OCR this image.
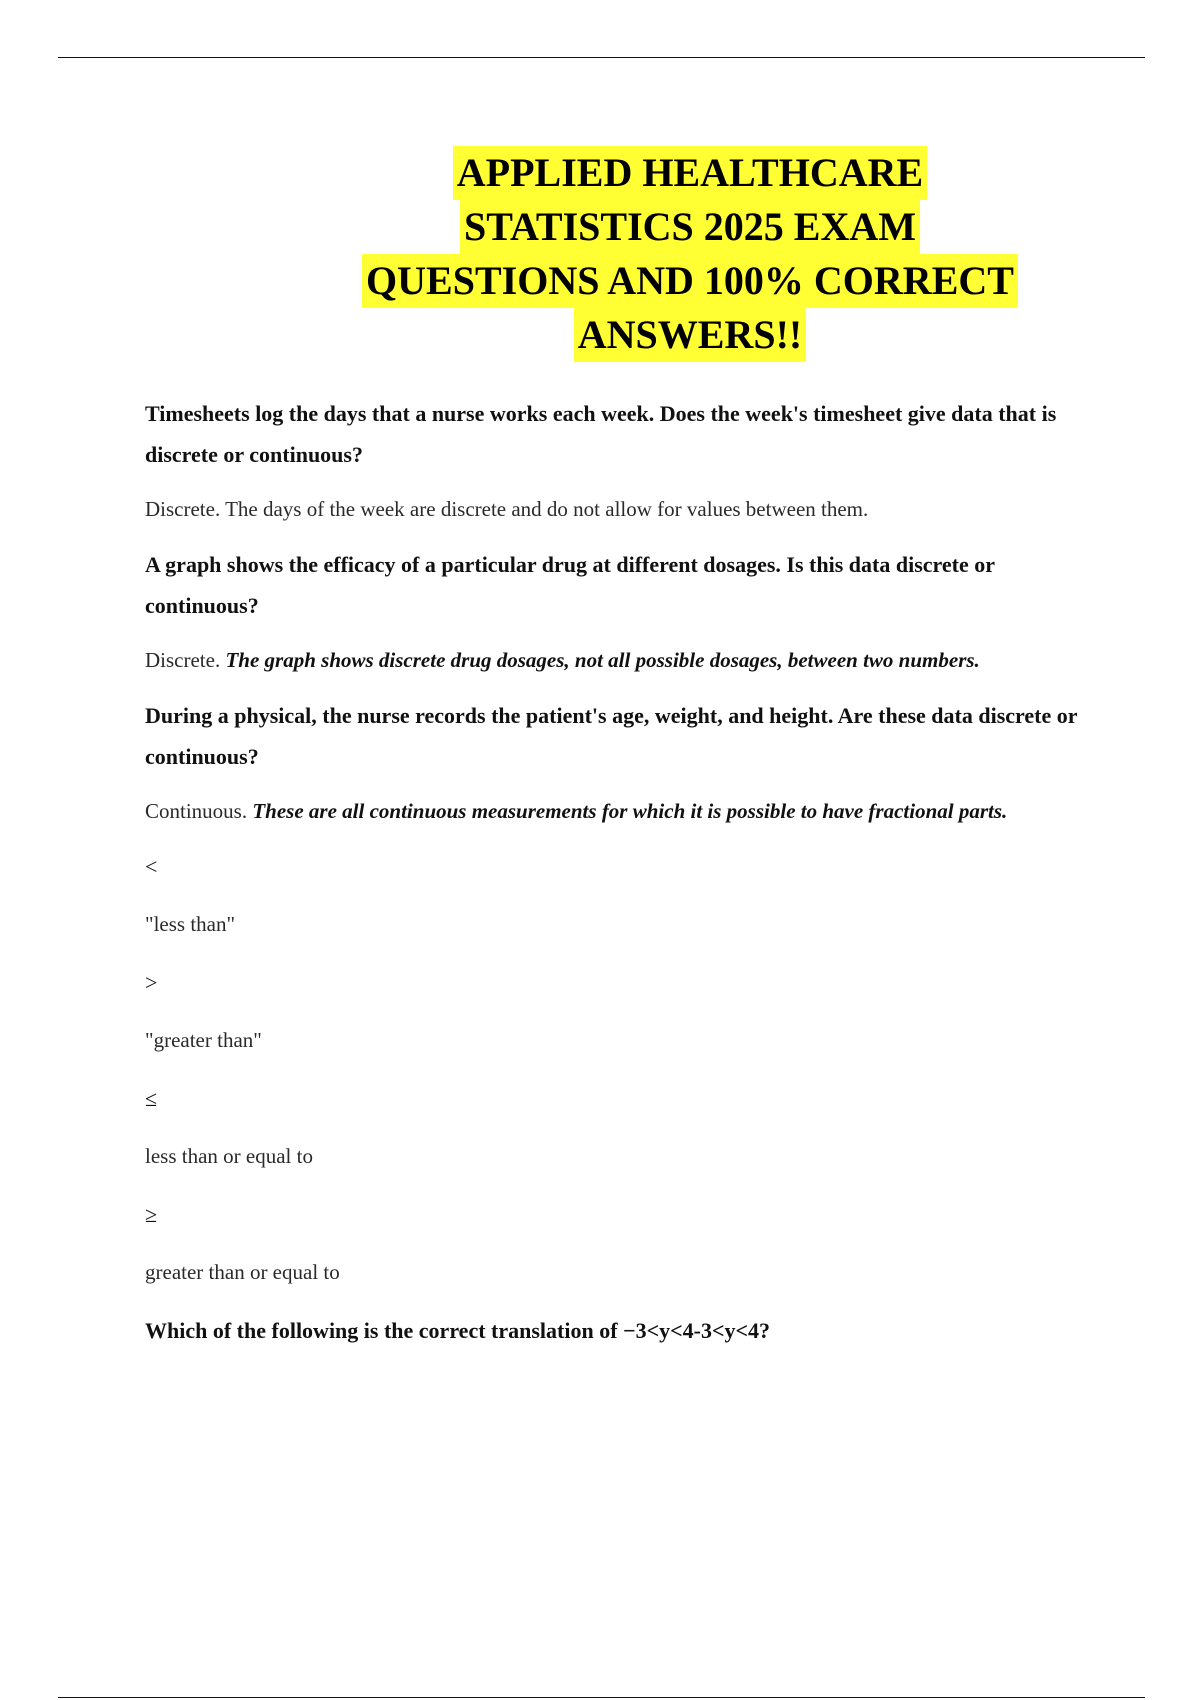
APPLIED HEALTHCARE
STATISTICS 2025 EXAM
QUESTIONS AND 100% CORRECT
ANSWERS!!

Timesheets log the days that a nurse works each week. Does the week's timesheet give data that is discrete or continuous?

Discrete. The days of the week are discrete and do not allow for values between them.

A graph shows the efficacy of a particular drug at different dosages. Is this data discrete or continuous?

Discrete. The graph shows discrete drug dosages, not all possible dosages, between two numbers.

During a physical, the nurse records the patient's age, weight, and height. Are these data discrete or continuous?

Continuous. These are all continuous measurements for which it is possible to have fractional parts.

<

"less than"

>

"greater than"

≤

less than or equal to

≥

greater than or equal to

Which of the following is the correct translation of −3<y<4-3<y<4?
